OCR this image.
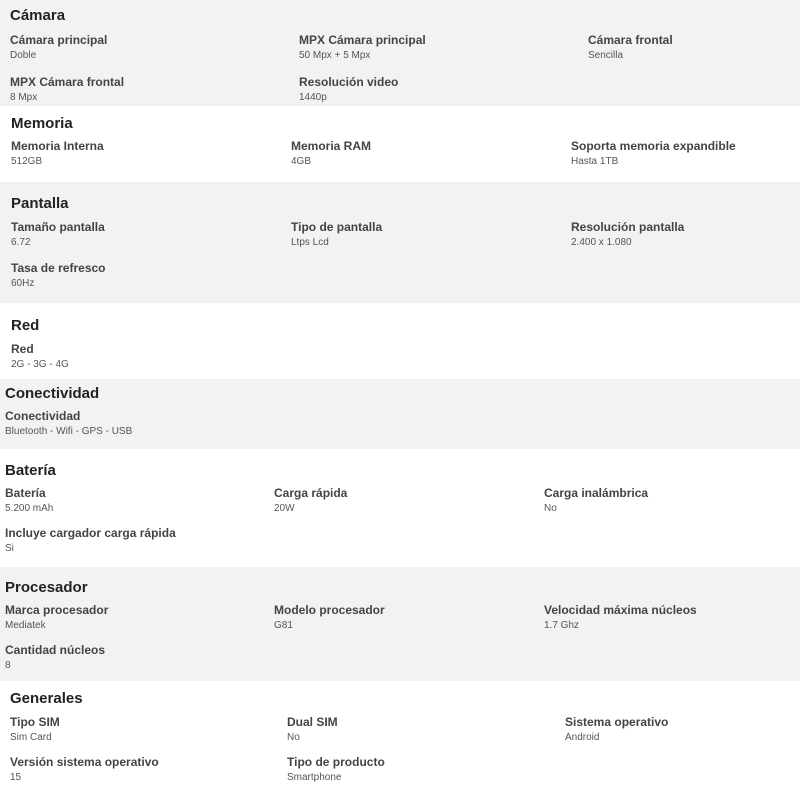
Cámara
Cámara principal
Doble
MPX Cámara principal
50 Mpx + 5 Mpx
Cámara frontal
Sencilla
MPX Cámara frontal
8 Mpx
Resolución video
1440p
Memoria
Memoria Interna
512GB
Memoria RAM
4GB
Soporta memoria expandible
Hasta 1TB
Pantalla
Tamaño pantalla
6.72
Tipo de pantalla
Ltps Lcd
Resolución pantalla
2.400 x 1.080
Tasa de refresco
60Hz
Red
Red
2G - 3G - 4G
Conectividad
Conectividad
Bluetooth - Wifi - GPS - USB
Batería
Batería
5.200 mAh
Carga rápida
20W
Carga inalámbrica
No
Incluye cargador carga rápida
Si
Procesador
Marca procesador
Mediatek
Modelo procesador
G81
Velocidad máxima núcleos
1.7 Ghz
Cantidad núcleos
8
Generales
Tipo SIM
Sim Card
Dual SIM
No
Sistema operativo
Android
Versión sistema operativo
15
Tipo de producto
Smartphone
